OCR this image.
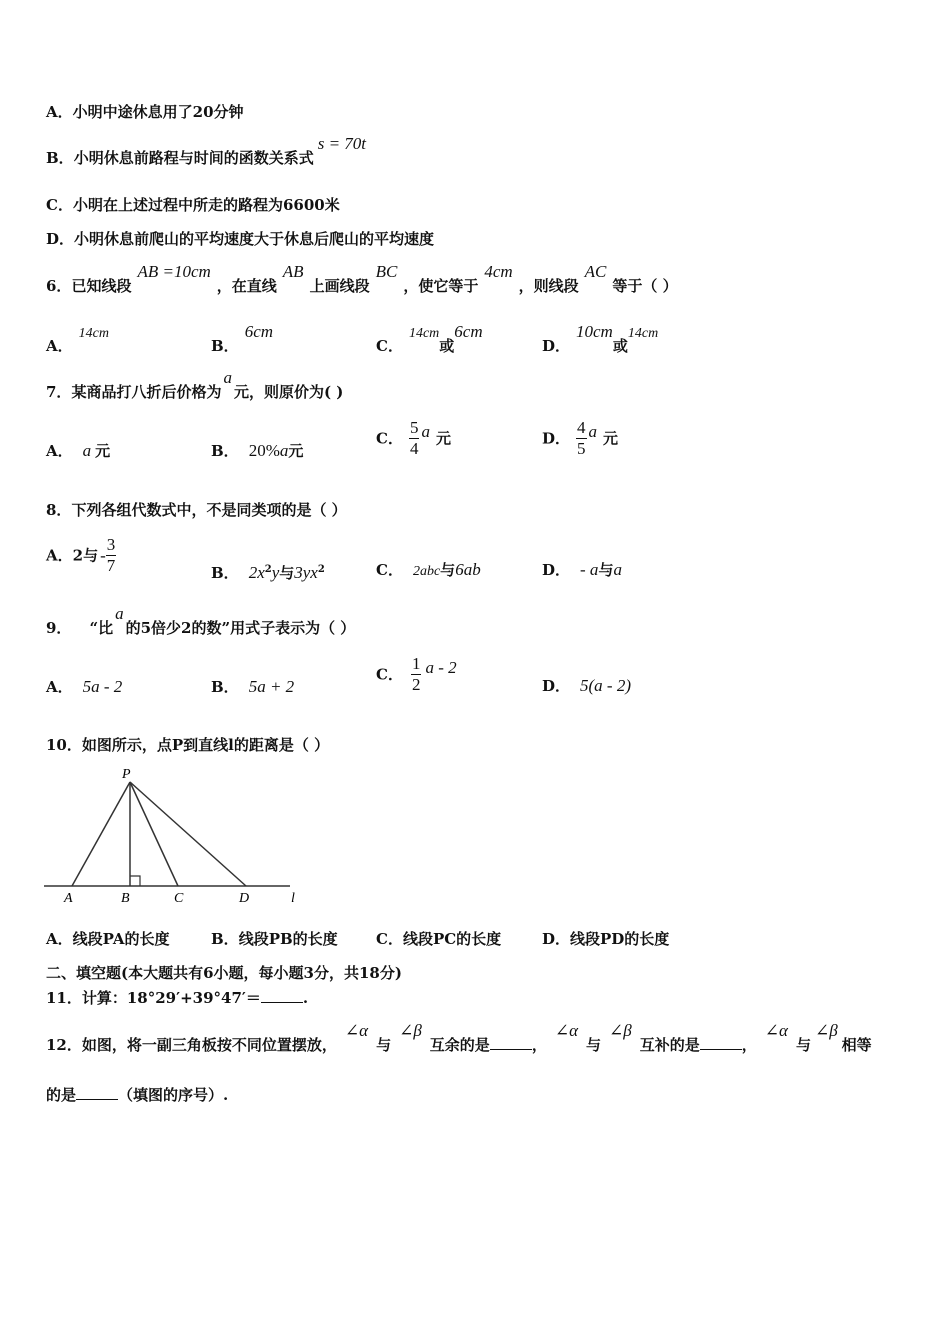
A．小明中途休息用了20分钟
B．小明休息前路程与时间的函数关系式s = 70t
C．小明在上述过程中所走的路程为6600米
D．小明休息前爬山的平均速度大于休息后爬山的平均速度
6．已知线段AB =10cm，在直线AB上画线段BC，使它等于4cm，则线段AC等于（ ）
A．14cm
B．6cm
C．14cm或6cm
D．10cm或14cm
7．某商品打八折后价格为a元，则原价为( )
A． a 元	B． 20%a元
C． $\frac{5}{4}$ a 元	D． $\frac{4}{5}$ a 元
8．下列各组代数式中，不是同类项的是（ ）
A．2与 - $\frac{3}{7}$	B． $2x^2y$与$3yx^2$	C． 2abc与6ab	D． - a与a
9． “比a的5倍少2的数”用式子表示为（ ）
A． 5a - 2	B． 5a + 2
C． $\frac{1}{2}$ a - 2
D． 5(a - 2)
10．如图所示，点P到直线l的距离是（ ）
P
A	B	C	D	l
A．线段PA的长度	B．线段PB的长度	C．线段PC的长度	D．线段PD的长度
二、填空题(本大题共有6小题，每小题3分，共18分)
11．计算：18°29′+39°47′＝	.
12．如图，将一副三角板按不同位置摆放，∠α与∠β互余的是	，∠α与∠β互补的是	，∠α与∠β相等
的是	（填图的序号）.
